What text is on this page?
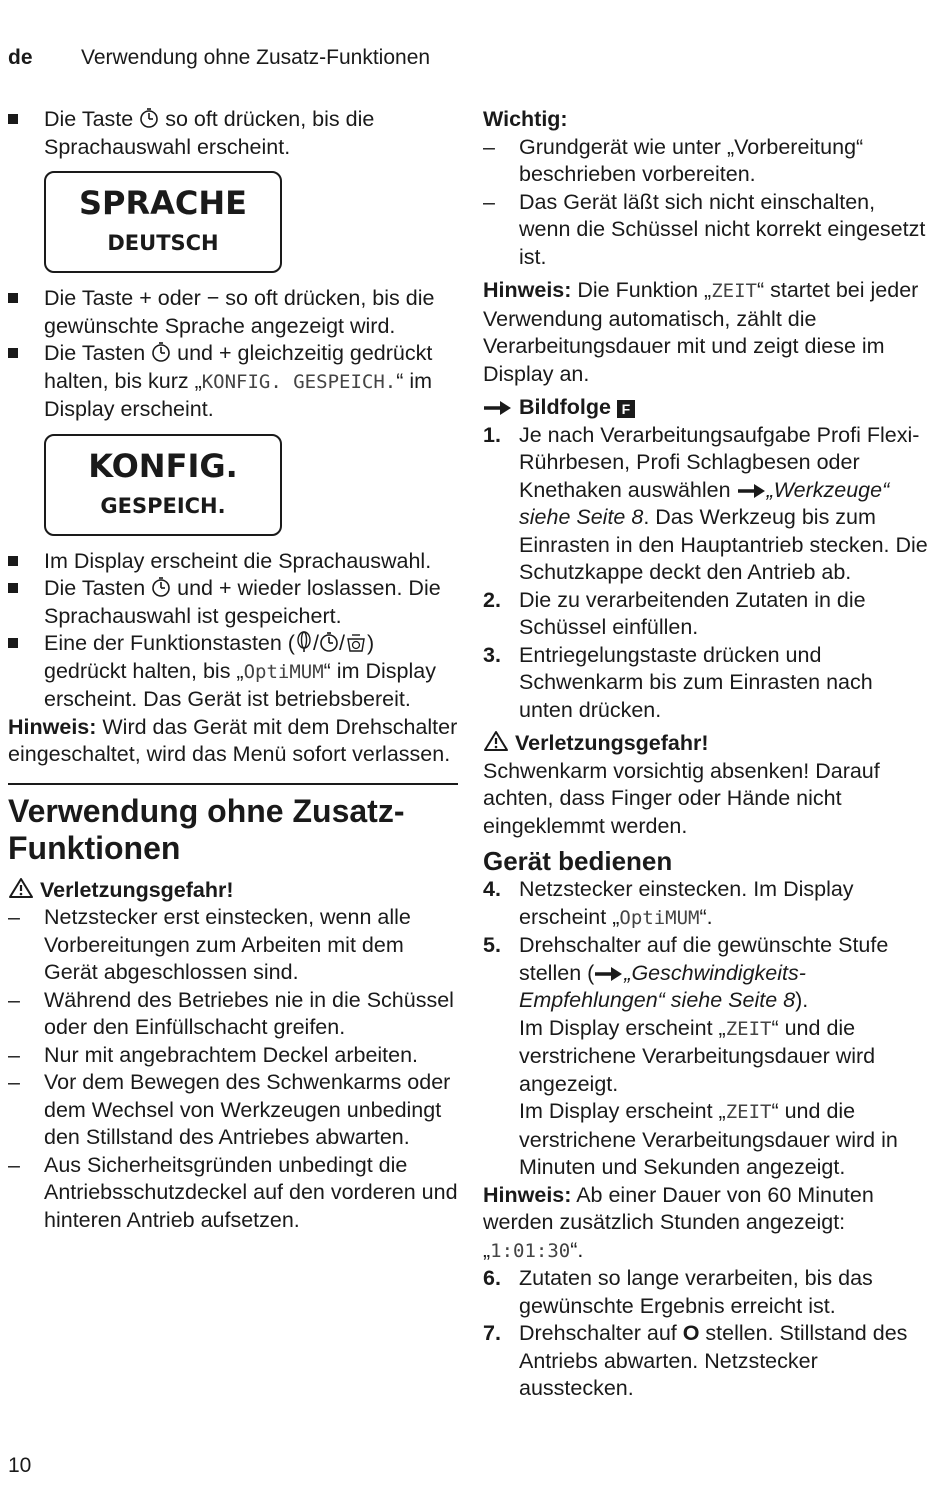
de Verwendung ohne Zusatz-Funktionen
Die Taste  so oft drücken, bis die Sprachauswahl erscheint.
SPRACHE
DEUTSCH
Die Taste + oder − so oft drücken, bis die gewünschte Sprache angezeigt wird.
Die Tasten  und + gleichzeitig gedrückt halten, bis kurz „KONFIG. GESPEICH.“ im Display erscheint.
KONFIG.
GESPEICH.
Im Display erscheint die Sprachauswahl.
Die Tasten  und + wieder loslassen. Die Sprachauswahl ist gespeichert.
Eine der Funktionstasten ( / / ) gedrückt halten, bis „OptiMUM“ im Display erscheint. Das Gerät ist betriebsbereit.
Hinweis: Wird das Gerät mit dem Drehschalter eingeschaltet, wird das Menü sofort verlassen.
Verwendung ohne Zusatz-Funktionen
Verletzungsgefahr!
– Netzstecker erst einstecken, wenn alle Vorbereitungen zum Arbeiten mit dem Gerät abgeschlossen sind.
– Während des Betriebes nie in die Schüssel oder den Einfüllschacht greifen.
– Nur mit angebrachtem Deckel arbeiten.
– Vor dem Bewegen des Schwenkarms oder dem Wechsel von Werkzeugen unbedingt den Stillstand des Antriebes abwarten.
– Aus Sicherheitsgründen unbedingt die Antriebsschutzdeckel auf den vorderen und hinteren Antrieb aufsetzen.
Wichtig:
– Grundgerät wie unter „Vorbereitung“ beschrieben vorbereiten.
– Das Gerät läßt sich nicht einschalten, wenn die Schüssel nicht korrekt eingesetzt ist.
Hinweis: Die Funktion „ZEIT“ startet bei jeder Verwendung automatisch, zählt die Verarbeitungsdauer mit und zeigt diese im Display an.
Bildfolge F
1. Je nach Verarbeitungsaufgabe Profi Flexi-Rührbesen, Profi Schlagbesen oder Knethaken auswählen „Werkzeuge“ siehe Seite 8. Das Werkzeug bis zum Einrasten in den Hauptantrieb stecken. Die Schutzkappe deckt den Antrieb ab.
2. Die zu verarbeitenden Zutaten in die Schüssel einfüllen.
3. Entriegelungstaste drücken und Schwenkarm bis zum Einrasten nach unten drücken.
Verletzungsgefahr!
Schwenkarm vorsichtig absenken! Darauf achten, dass Finger oder Hände nicht eingeklemmt werden.
Gerät bedienen
4. Netzstecker einstecken. Im Display erscheint „OptiMUM“.
5. Drehschalter auf die gewünschte Stufe stellen ( „Geschwindigkeits-Empfehlungen“ siehe Seite 8).
Im Display erscheint „ZEIT“ und die verstrichene Verarbeitungsdauer wird angezeigt.
Im Display erscheint „ZEIT“ und die verstrichene Verarbeitungsdauer wird in Minuten und Sekunden angezeigt.
Hinweis: Ab einer Dauer von 60 Minuten werden zusätzlich Stunden angezeigt: „1:01:30“.
6. Zutaten so lange verarbeiten, bis das gewünschte Ergebnis erreicht ist.
7. Drehschalter auf O stellen. Stillstand des Antriebs abwarten. Netzstecker ausstecken.
10
